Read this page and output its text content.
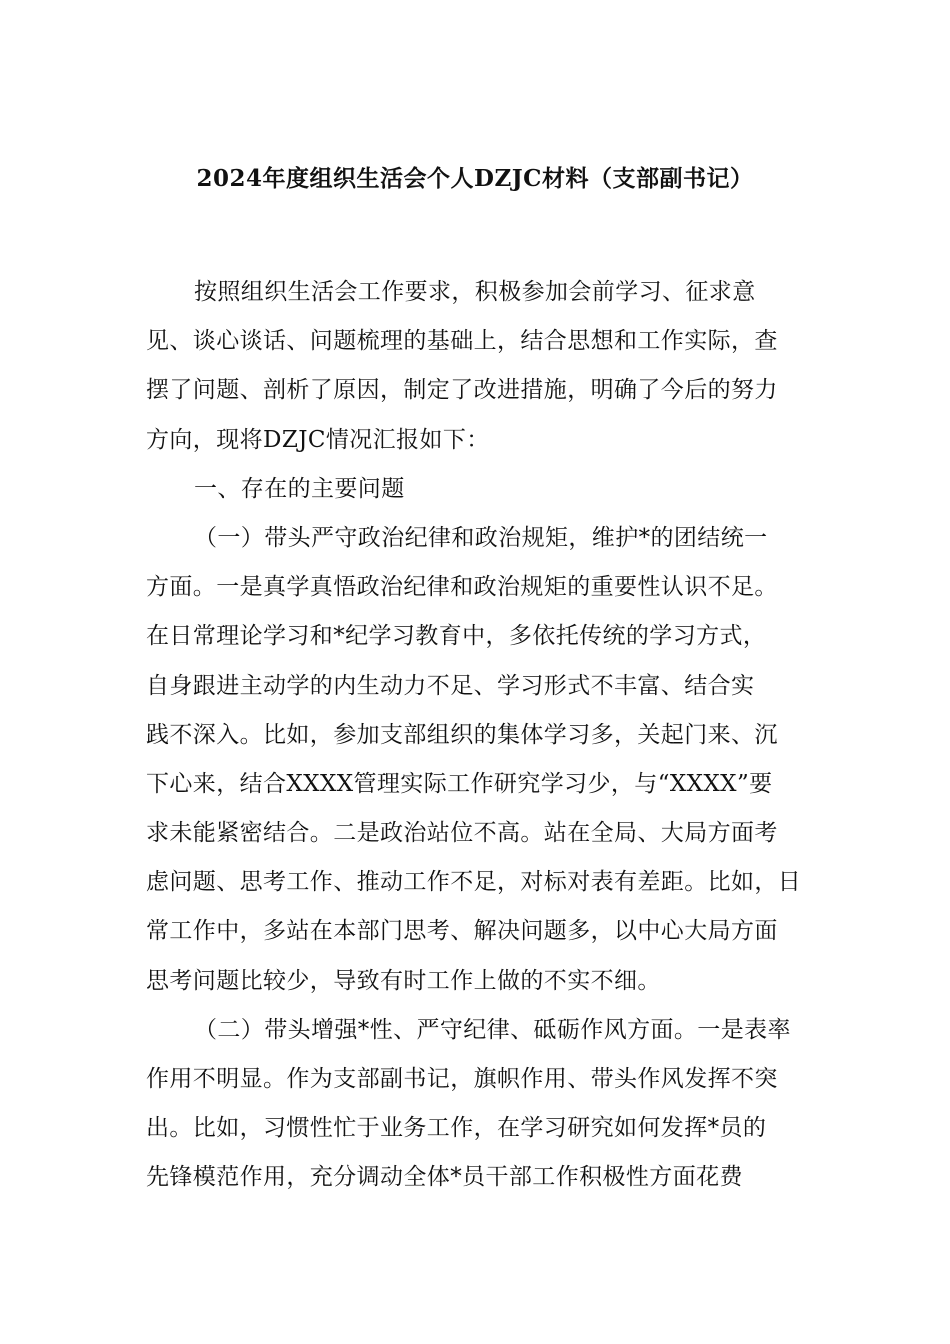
2024年度组织生活会个人DZJC材料（支部副书记）
按照组织生活会工作要求，积极参加会前学习、征求意
见、谈心谈话、问题梳理的基础上，结合思想和工作实际，查
摆了问题、剖析了原因，制定了改进措施，明确了今后的努力
方向，现将DZJC情况汇报如下：
一、存在的主要问题
（一）带头严守政治纪律和政治规矩，维护*的团结统一
方面。一是真学真悟政治纪律和政治规矩的重要性认识不足。
在日常理论学习和*纪学习教育中，多依托传统的学习方式，
自身跟进主动学的内生动力不足、学习形式不丰富、结合实
践不深入。比如，参加支部组织的集体学习多，关起门来、沉
下心来，结合XXXX管理实际工作研究学习少，与“XXXX”要
求未能紧密结合。二是政治站位不高。站在全局、大局方面考
虑问题、思考工作、推动工作不足，对标对表有差距。比如，日
常工作中，多站在本部门思考、解决问题多，以中心大局方面
思考问题比较少，导致有时工作上做的不实不细。
（二）带头增强*性、严守纪律、砥砺作风方面。一是表率
作用不明显。作为支部副书记，旗帜作用、带头作风发挥不突
出。比如，习惯性忙于业务工作，在学习研究如何发挥*员的
先锋模范作用，充分调动全体*员干部工作积极性方面花费
